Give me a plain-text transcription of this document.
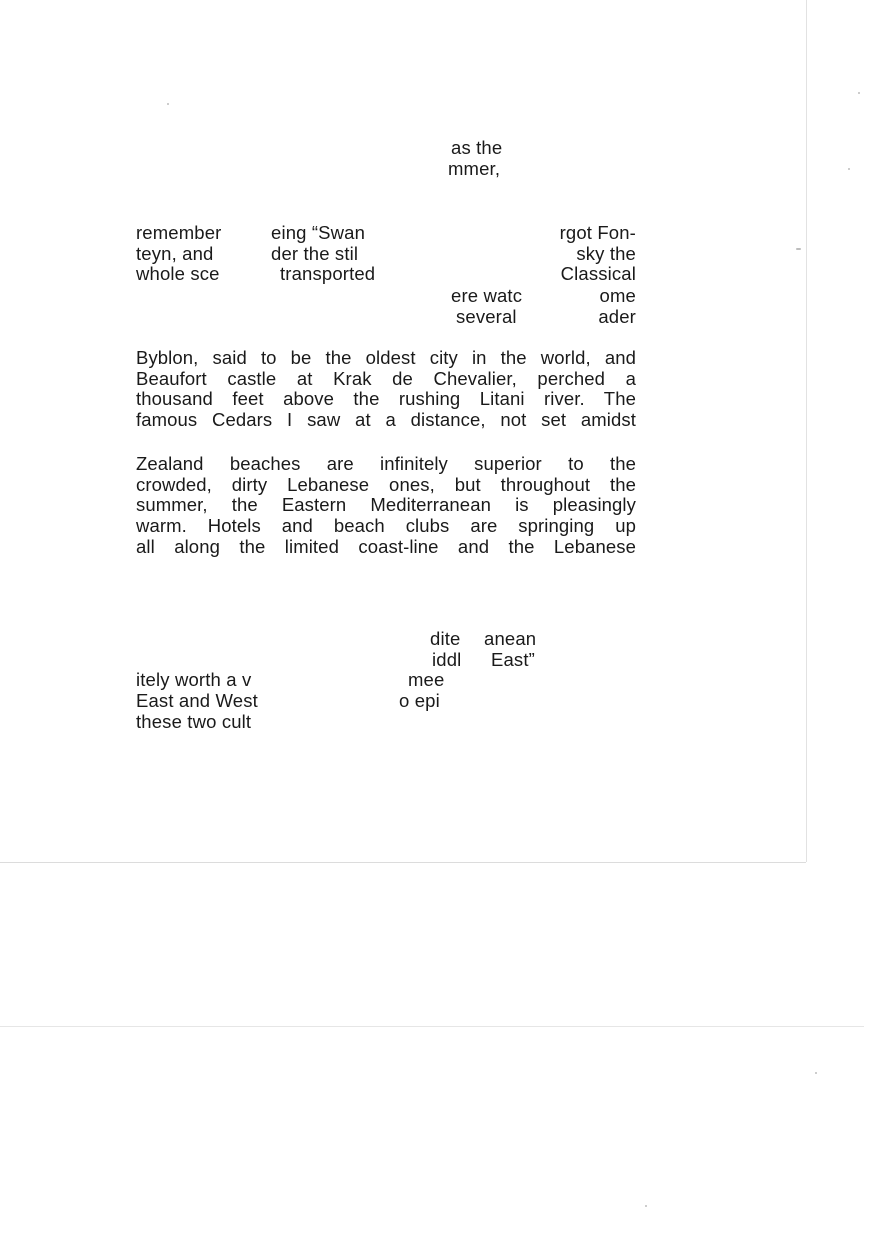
as the
mmer,
remember
teyn, and
whole sce
eing “Swan
der the stil
transported
rgot Fon-
sky the
Classical
ere watc
several
ome
ader
Byblon, said to be the oldest city in the world, and
Beaufort castle at Krak de Chevalier, perched a
thousand feet above the rushing Litani river. The
famous Cedars I saw at a distance, not set amidst
Zealand beaches are infinitely superior to the
crowded, dirty Lebanese ones, but throughout the
summer, the Eastern Mediterranean is pleasingly
warm. Hotels and beach clubs are springing up
all along the limited coast-line and the Lebanese
dite
iddl
anean
East”
itely worth a v
East and West
these two cult
mee
o epi
